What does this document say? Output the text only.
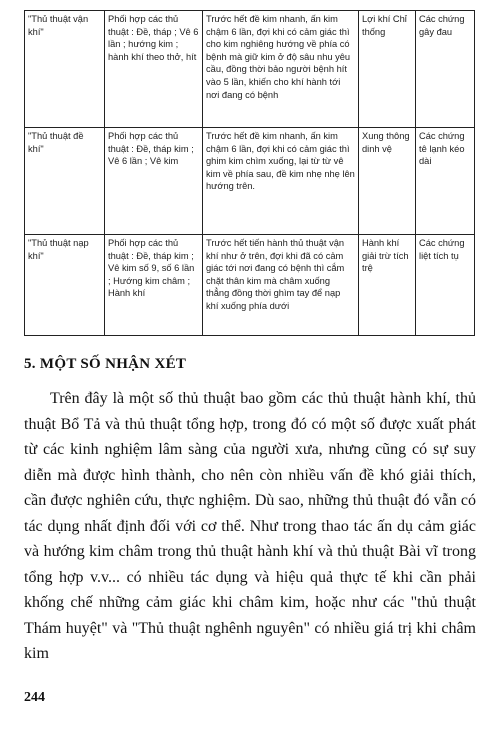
"Thủ thuật vận khí"	Phối hợp các thủ thuật : Đề, tháp ; Vê 6 lần ; hướng kim ; hành khí theo thở, hít	Trước hết đề kim nhanh, ấn kim chậm 6 lần, đợi khi có cảm giác thì cho kim nghiêng hướng về phía có bệnh mà giữ kim ở độ sâu nhu yêu cầu, đồng thời bảo người bệnh hít vào 5 lần, khiến cho khí hành tới nơi đang có bệnh	Lợi khí Chỉ thống	Các chứng gây đau
"Thủ thuật đề khí"	Phối hợp các thủ thuật : Đề, tháp kim ; Vê 6 lần ; Vê kim	Trước hết đề kim nhanh, ấn kim chậm 6 lần, đợi khi có cảm giác thì ghim kim chìm xuống, lại từ từ vê kim về phía sau, đề kim nhẹ nhẹ lên hướng trên.	Xung thông dinh vệ	Các chứng tê lạnh kéo dài
"Thủ thuật nạp khí"	Phối hợp các thủ thuật : Đề, tháp kim ; Vê kim số 9, số 6 lần ; Hướng kim châm ; Hành khí	Trước hết tiến hành thủ thuật vận khí như ở trên, đợi khi đã có cảm giác tới nơi đang có bệnh thì cắm chặt thân kim mà châm xuống thẳng đồng thời ghìm tay để nạp khí xuống phía dưới	Hành khí giải trừ tích trệ	Các chứng liệt tích tụ
5. MỘT SỐ NHẬN XÉT

Trên đây là một số thủ thuật bao gồm các thủ thuật hành khí, thủ thuật Bổ Tả và thủ thuật tổng hợp, trong đó có một số được xuất phát từ các kinh nghiệm lâm sàng của người xưa, nhưng cũng có sự suy diễn mà được hình thành, cho nên còn nhiều vấn đề khó giải thích, cần được nghiên cứu, thực nghiệm. Dù sao, những thủ thuật đó vẫn có tác dụng nhất định đối với cơ thể. Như trong thao tác ấn dụ cảm giác và hướng kim châm trong thủ thuật hành khí và thủ thuật Bài vĩ trong tổng hợp v.v... có nhiều tác dụng và hiệu quả thực tế khi cần phải khống chế những cảm giác khi châm kim, hoặc như các "thủ thuật Thám huyệt" và "Thủ thuật nghênh nguyên" có nhiều giá trị khi châm kim

244
